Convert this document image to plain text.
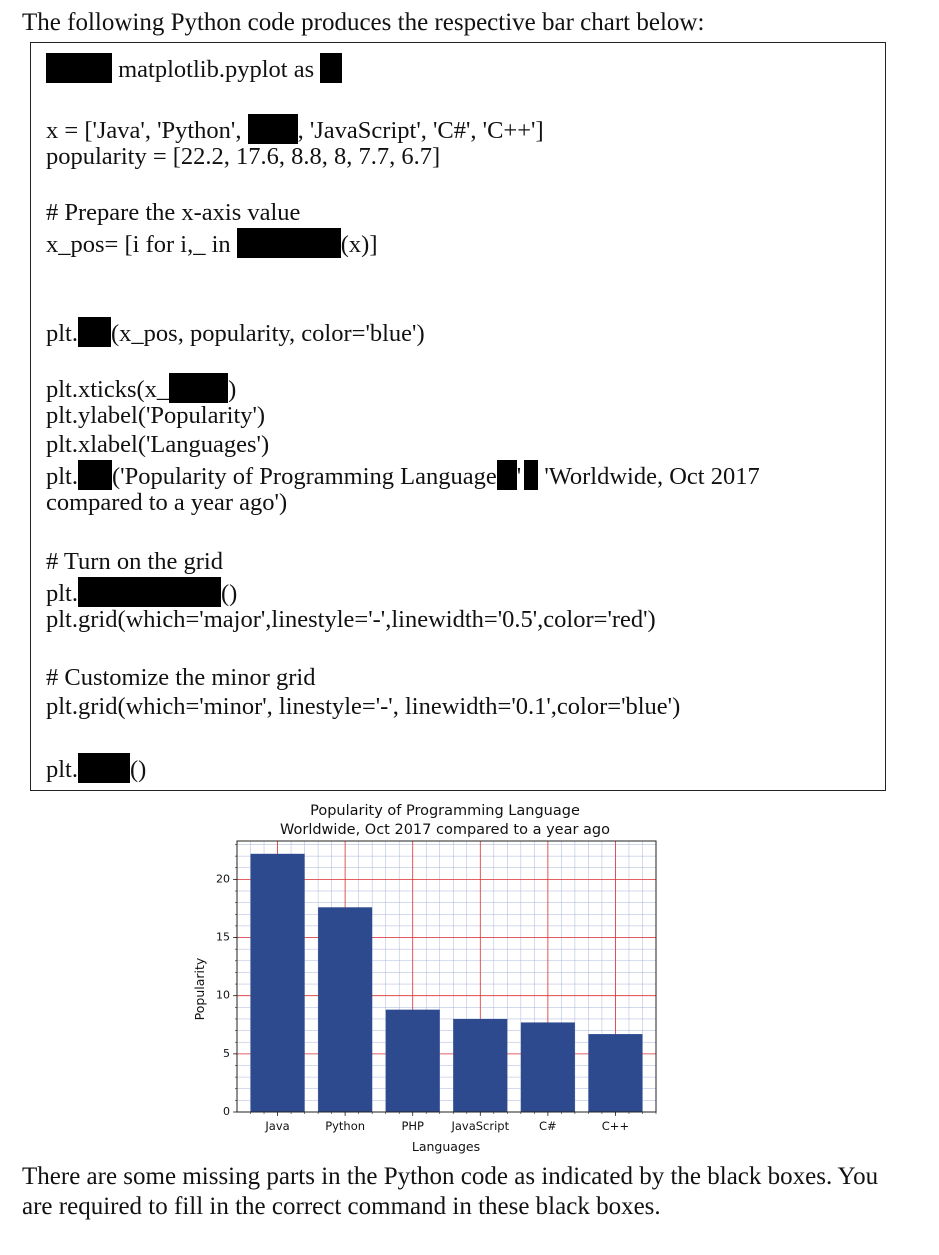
The following Python code produces the respective bar chart below:
matplotlib.pyplot as
x = ['Java', 'Python', , 'JavaScript', 'C#', 'C++']
popularity = [22.2, 17.6, 8.8, 8, 7.7, 6.7]
# Prepare the x-axis value
x_pos= [i for i,_ in	(x)]
plt. (x_pos, popularity, color='blue')
plt.xticks(x_ )
plt.ylabel('Popularity')
plt.xlabel('Languages')
plt. ('Popularity of Programming Language ' 'Worldwide, Oct 2017
compared to a year ago')
# Turn on the grid
plt.	()
plt.grid(which='major',linestyle='-',linewidth='0.5',color='red')
# Customize the minor grid
plt.grid(which='minor', linestyle='-', linewidth='0.1',color='blue')
plt. ()
Popularity of Programming Language
Worldwide, Oct 2017 compared to a year ago
0
5
10
15
20
Java	Python	PHP JavaScript	C#	C++
Languages
Popularity
There are some missing parts in the Python code as indicated by the black boxes. You
are required to fill in the correct command in these black boxes.
